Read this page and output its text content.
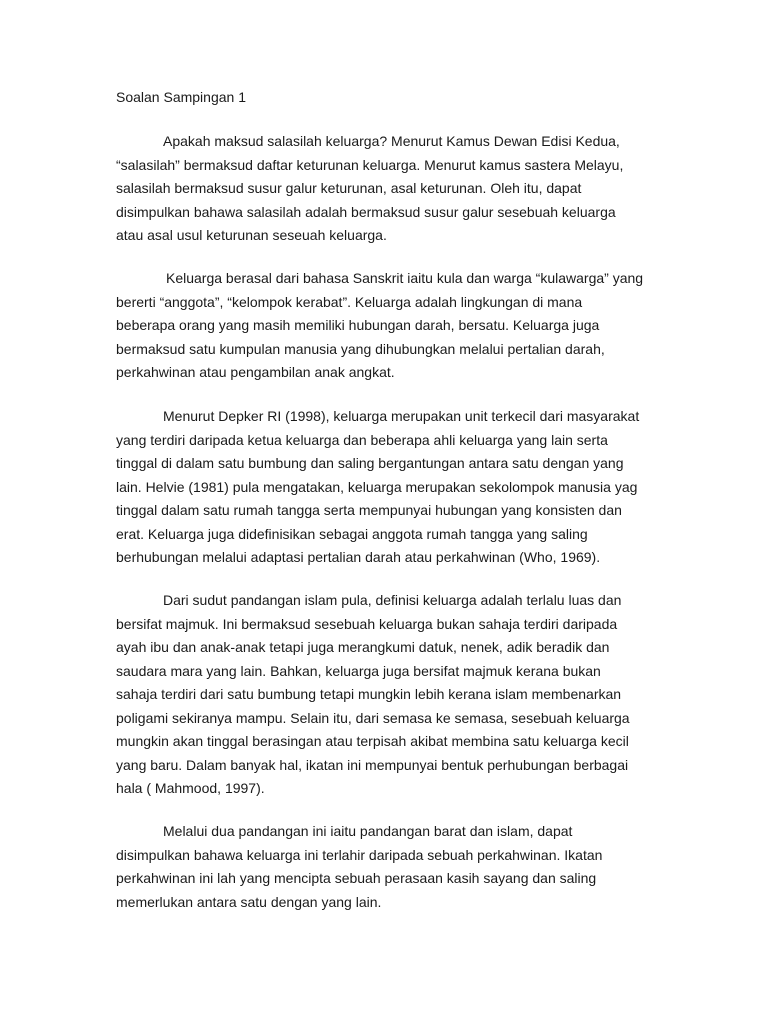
Soalan Sampingan 1
Apakah maksud salasilah keluarga? Menurut Kamus Dewan Edisi Kedua,
“salasilah” bermaksud daftar keturunan keluarga. Menurut kamus sastera Melayu,
salasilah bermaksud susur galur keturunan, asal keturunan. Oleh itu, dapat
disimpulkan bahawa salasilah adalah bermaksud susur galur sesebuah keluarga
atau asal usul keturunan seseuah keluarga.
Keluarga berasal dari bahasa Sanskrit iaitu kula dan warga “kulawarga” yang
bererti “anggota”, “kelompok kerabat”. Keluarga adalah lingkungan di mana
beberapa orang yang masih memiliki hubungan darah, bersatu. Keluarga juga
bermaksud satu kumpulan manusia yang dihubungkan melalui pertalian darah,
perkahwinan atau pengambilan anak angkat.
Menurut Depker RI (1998), keluarga merupakan unit terkecil dari masyarakat
yang terdiri daripada ketua keluarga dan beberapa ahli keluarga yang lain serta
tinggal di dalam satu bumbung dan saling bergantungan antara satu dengan yang
lain. Helvie (1981) pula mengatakan, keluarga merupakan sekolompok manusia yag
tinggal dalam satu rumah tangga serta mempunyai hubungan yang konsisten dan
erat. Keluarga juga didefinisikan sebagai anggota rumah tangga yang saling
berhubungan melalui adaptasi pertalian darah atau perkahwinan (Who, 1969).
Dari sudut pandangan islam pula, definisi keluarga adalah terlalu luas dan
bersifat majmuk. Ini bermaksud sesebuah keluarga bukan sahaja terdiri daripada
ayah ibu dan anak-anak tetapi juga merangkumi datuk, nenek, adik beradik dan
saudara mara yang lain. Bahkan, keluarga juga bersifat majmuk kerana bukan
sahaja terdiri dari satu bumbung tetapi mungkin lebih kerana islam membenarkan
poligami sekiranya mampu. Selain itu, dari semasa ke semasa, sesebuah keluarga
mungkin akan tinggal berasingan atau terpisah akibat membina satu keluarga kecil
yang baru. Dalam banyak hal, ikatan ini mempunyai bentuk perhubungan berbagai
hala ( Mahmood, 1997).
Melalui dua pandangan ini iaitu pandangan barat dan islam, dapat
disimpulkan bahawa keluarga ini terlahir daripada sebuah perkahwinan. Ikatan
perkahwinan ini lah yang mencipta sebuah perasaan kasih sayang dan saling
memerlukan antara satu dengan yang lain.
